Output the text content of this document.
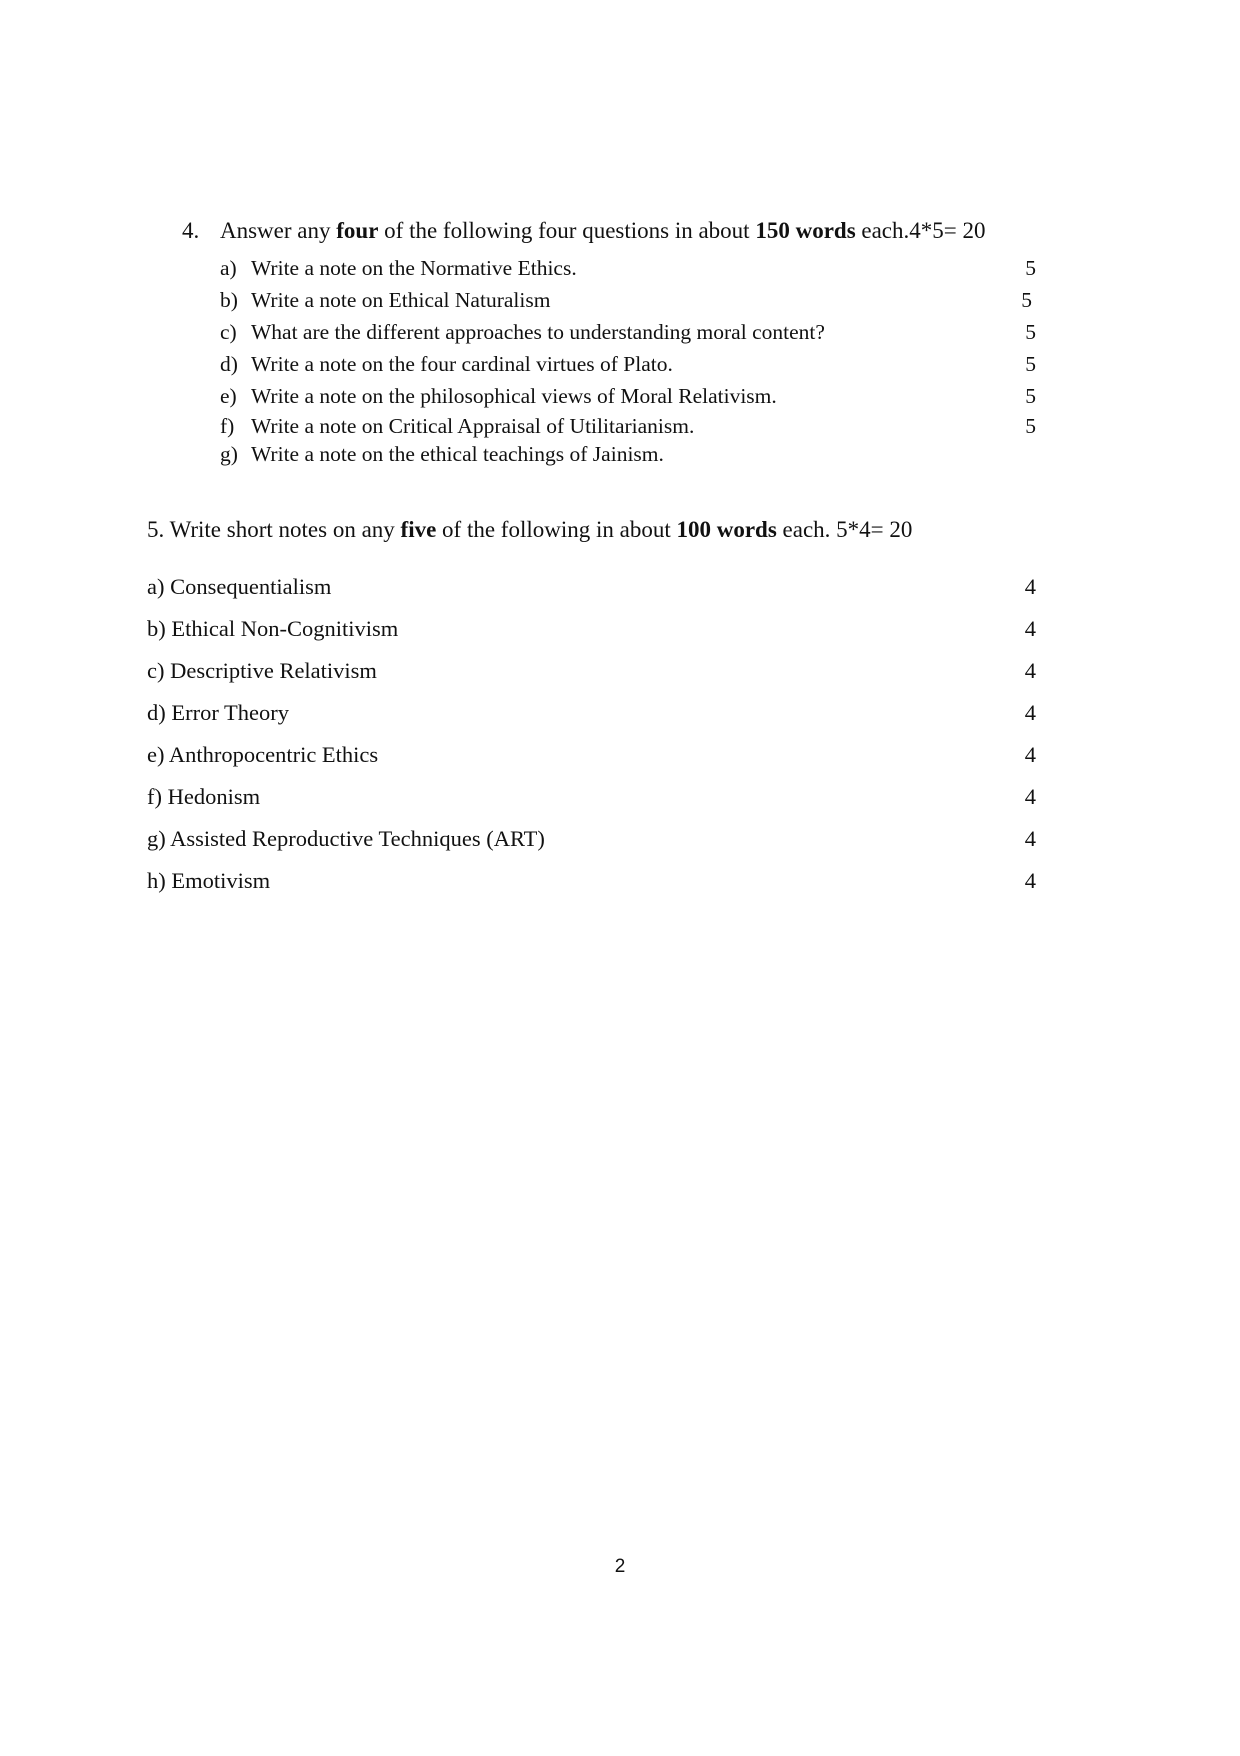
4. Answer any four of the following four questions in about 150 words each.4*5= 20
a) Write a note on the Normative Ethics.	5
b) Write a note on Ethical Naturalism	5
c) What are the different approaches to understanding moral content?	5
d) Write a note on the four cardinal virtues of Plato.	5
e) Write a note on the philosophical views of Moral Relativism.	5
f) Write a note on Critical Appraisal of Utilitarianism.	5
g) Write a note on the ethical teachings of Jainism.
5. Write short notes on any five of the following in about 100 words each. 5*4= 20
a) Consequentialism	4
b) Ethical Non-Cognitivism	4
c) Descriptive Relativism	4
d) Error Theory	4
e) Anthropocentric Ethics	4
f) Hedonism	4
g) Assisted Reproductive Techniques (ART)	4
h) Emotivism	4
2
